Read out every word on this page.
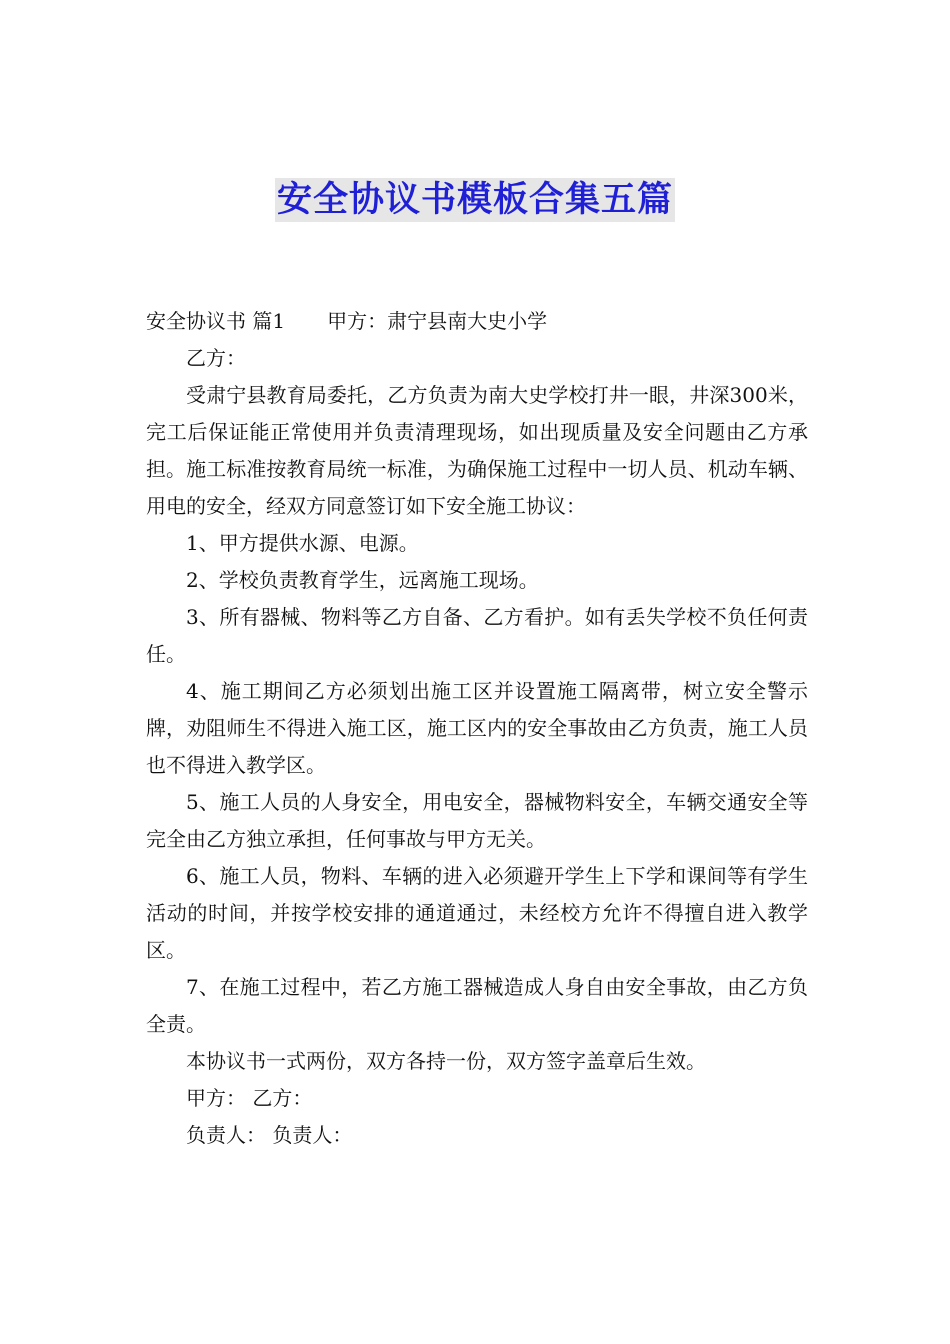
安全协议书模板合集五篇

安全协议书 篇1 甲方：肃宁县南大史小学

乙方：

受肃宁县教育局委托，乙方负责为南大史学校打井一眼，井深300米，完工后保证能正常使用并负责清理现场，如出现质量及安全问题由乙方承担。施工标准按教育局统一标准，为确保施工过程中一切人员、机动车辆、用电的安全，经双方同意签订如下安全施工协议：

1、甲方提供水源、电源。

2、学校负责教育学生，远离施工现场。

3、所有器械、物料等乙方自备、乙方看护。如有丢失学校不负任何责任。

4、施工期间乙方必须划出施工区并设置施工隔离带，树立安全警示牌，劝阻师生不得进入施工区，施工区内的安全事故由乙方负责，施工人员也不得进入教学区。

5、施工人员的人身安全，用电安全，器械物料安全，车辆交通安全等完全由乙方独立承担，任何事故与甲方无关。

6、施工人员，物料、车辆的进入必须避开学生上下学和课间等有学生活动的时间，并按学校安排的通道通过，未经校方允许不得擅自进入教学区。

7、在施工过程中，若乙方施工器械造成人身自由安全事故，由乙方负全责。

本协议书一式两份，双方各持一份，双方签字盖章后生效。

甲方： 乙方：

负责人： 负责人：
